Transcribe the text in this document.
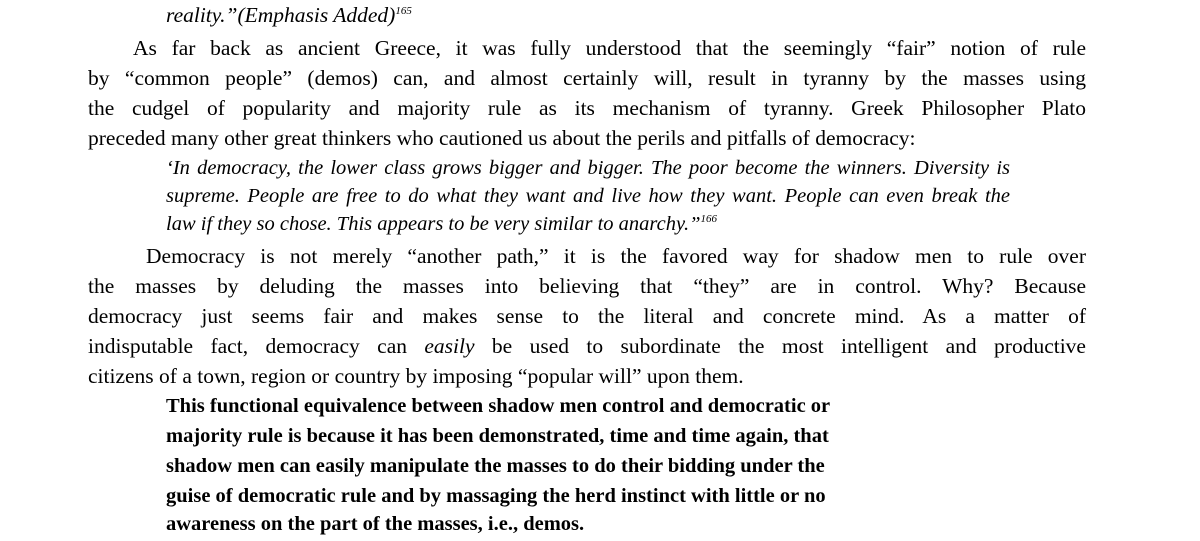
reality.”(Emphasis Added)$^{165}$
As far back as ancient Greece, it was fully understood that the seemingly “fair” notion of rule
by “common people” (demos) can, and almost certainly will, result in tyranny by the masses using
the cudgel of popularity and majority rule as its mechanism of tyranny. Greek Philosopher Plato
preceded many other great thinkers who cautioned us about the perils and pitfalls of democracy:
‘In democracy, the lower class grows bigger and bigger. The poor become the winners. Diversity is
supreme. People are free to do what they want and live how they want. People can even break the
law if they so chose. This appears to be very similar to anarchy.”$^{166}$
Democracy is not merely “another path,” it is the favored way for shadow men to rule over
the masses by deluding the masses into believing that “they” are in control. Why? Because
democracy just seems fair and makes sense to the literal and concrete mind. As a matter of
indisputable fact, democracy can easily be used to subordinate the most intelligent and productive
citizens of a town, region or country by imposing “popular will” upon them.
This functional equivalence between shadow men control and democratic or
majority rule is because it has been demonstrated, time and time again, that
shadow men can easily manipulate the masses to do their bidding under the
guise of democratic rule and by massaging the herd instinct with little or no
awareness on the part of the masses, i.e., demos.
